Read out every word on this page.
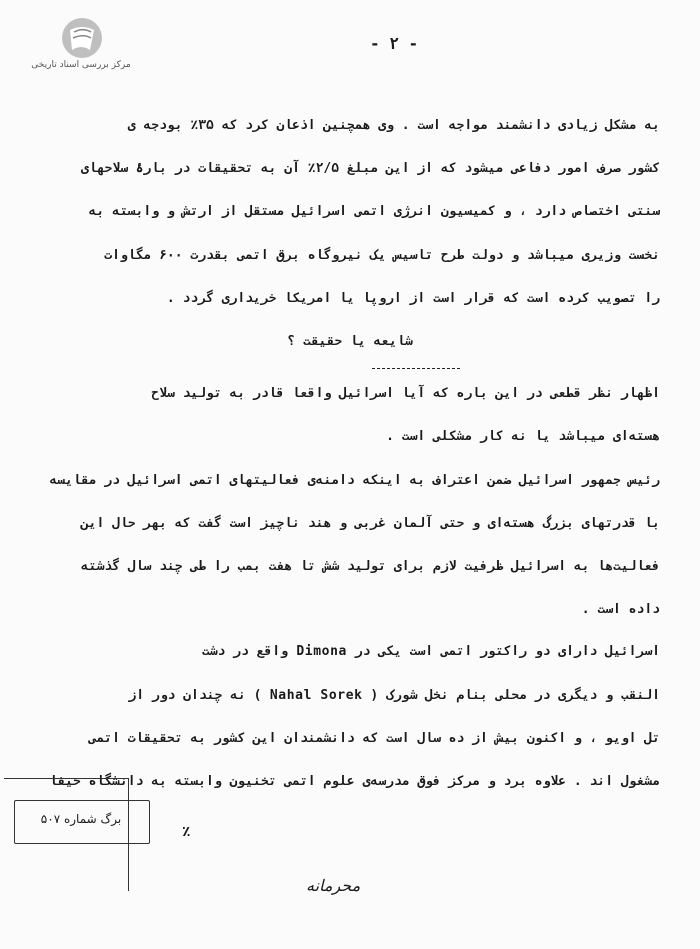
مرکز بررسی اسناد تاریخی
- ۲ -
به مشکل زیادی دانشمند مواجه است . وی همچنین اذعان کرد که ۳۵٪ بودجه ی
کشور صرف امور دفاعی میشود که از این مبلغ ۲/۵٪ آن به تحقیقات در بارۀ سلاحهای
سنتی اختصاص دارد ، و کمیسیون انرژی اتمی اسرائیل مستقل از ارتش و وابسته به
نخست وزیری میباشد و دولت طرح تاسیس یک نیروگاه برق اتمی بقدرت ۶۰۰ مگاوات
را تصویب کرده است که قرار است از اروپا یا امریکا خریداری گردد .
شایعه یا حقیقت ؟
اظهار نظر قطعی در این باره که آیا اسرائیل واقعا قادر به تولید سلاح
هسته‌ای میباشد یا نه کار مشکلی است .
رئیس جمهور اسرائیل ضمن اعتراف به اینکه دامنه‌ی فعالیتهای اتمی اسرائیل در مقایسه
با قدرتهای بزرگ هسته‌ای و حتی آلمان غربی و هند ناچیز است گفت که بهر حال این
فعالیت‌ها به اسرائیل ظرفیت لازم برای تولید شش تا هفت بمب را طی چند سال گذشته
داده است .
اسرائیل دارای دو راکتور اتمی است یکی در Dimona واقع در دشت
النقب و دیگری در محلی بنام نخل شورک ( Nahal Sorek ) نه چندان دور از
تل اویو ، و اکنون بیش از ده سال است که دانشمندان این کشور به تحقیقات اتمی
مشغول اند . علاوه برد و مرکز فوق مدرسه‌ی علوم اتمی تخنیون وابسته به دانشگاه حیفا
برگ شماره ۵۰۷
٪
محرمانه
